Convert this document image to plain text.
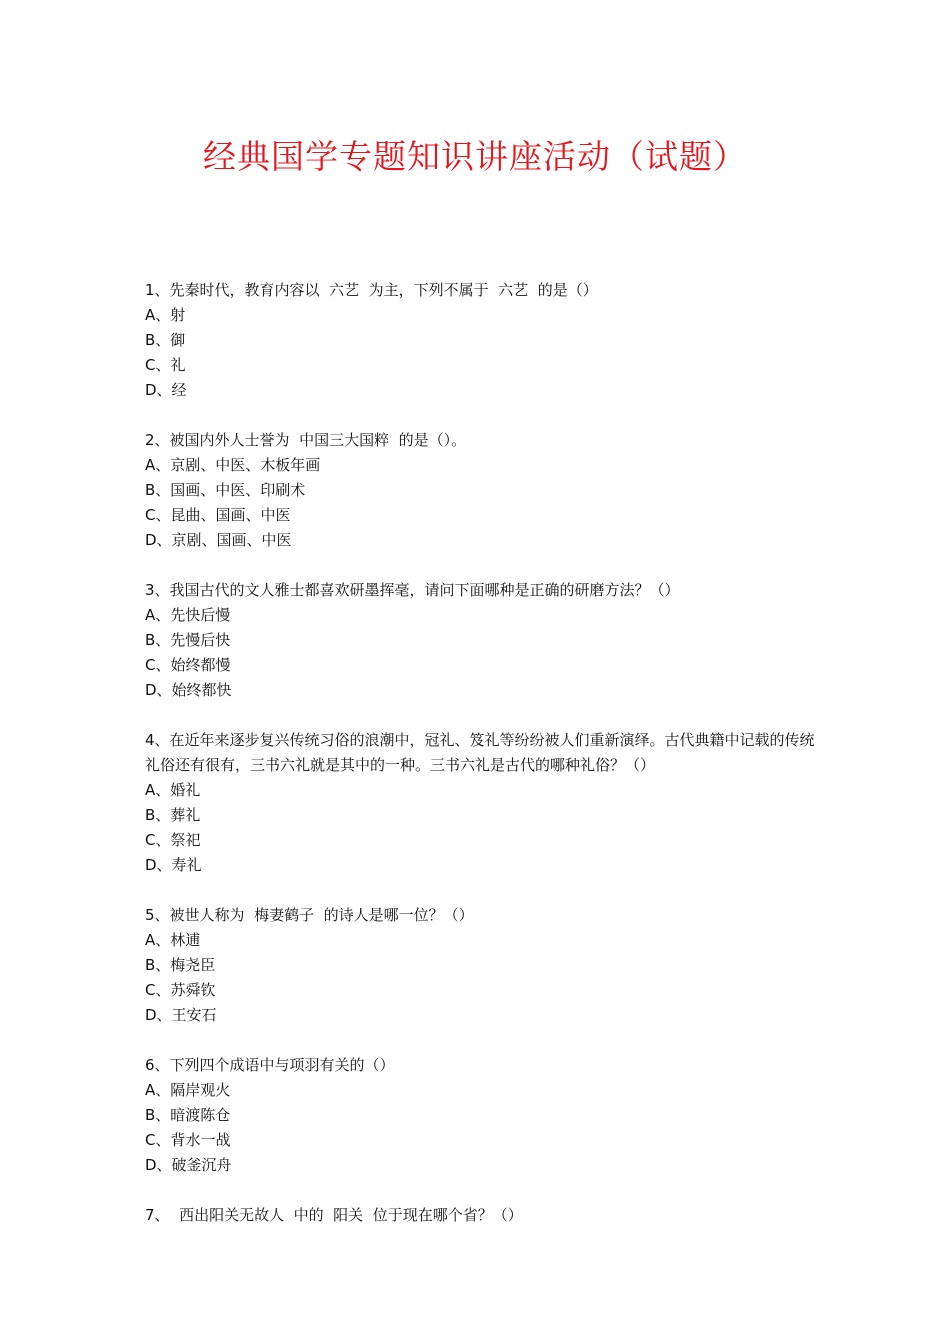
经典国学专题知识讲座活动（试题）

1、先秦时代，教育内容以  六艺  为主，下列不属于  六艺  的是（）

A、射

B、御

C、礼

D、经

2、被国内外人士誉为  中国三大国粹  的是（）。

A、京剧、中医、木板年画

B、国画、中医、印刷术

C、昆曲、国画、中医

D、京剧、国画、中医

3、我国古代的文人雅士都喜欢研墨挥毫，请问下面哪种是正确的研磨方法？（）

A、先快后慢

B、先慢后快

C、始终都慢

D、始终都快

4、在近年来逐步复兴传统习俗的浪潮中，冠礼、笈礼等纷纷被人们重新演绎。古代典籍中记载的传统礼俗还有很有，三书六礼就是其中的一种。三书六礼是古代的哪种礼俗？（）

A、婚礼

B、葬礼

C、祭祀

D、寿礼

5、被世人称为  梅妻鹤子  的诗人是哪一位？（）

A、林逋

B、梅尧臣

C、苏舜钦

D、王安石

6、下列四个成语中与项羽有关的（）

A、隔岸观火

B、暗渡陈仓

C、背水一战

D、破釜沉舟

7、  西出阳关无故人  中的  阳关  位于现在哪个省？（）
